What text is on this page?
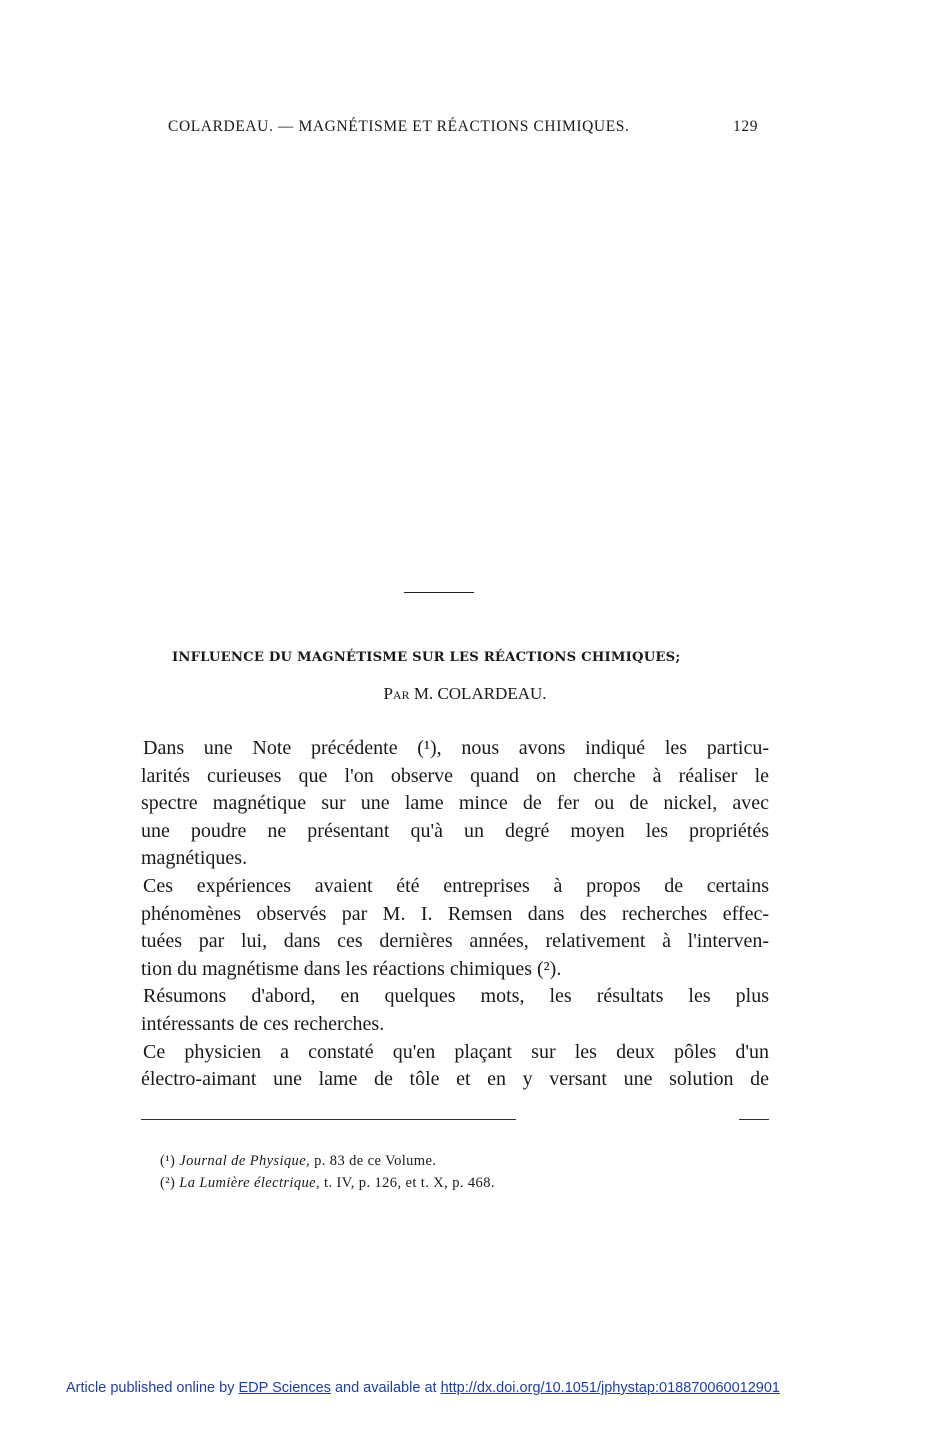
COLARDEAU. — MAGNÉTISME ET RÉACTIONS CHIMIQUES.	129
INFLUENCE DU MAGNÉTISME SUR LES RÉACTIONS CHIMIQUES;
Par M. COLARDEAU.
Dans une Note précédente (¹), nous avons indiqué les particu-
larités curieuses que l'on observe quand on cherche à réaliser le
spectre magnétique sur une lame mince de fer ou de nickel, avec
une poudre ne présentant qu'à un degré moyen les propriétés
magnétiques.
Ces expériences avaient été entreprises à propos de certains
phénomènes observés par M. I. Remsen dans des recherches effec-
tuées par lui, dans ces dernières années, relativement à l'interven-
tion du magnétisme dans les réactions chimiques (²).
Résumons d'abord, en quelques mots, les résultats les plus
intéressants de ces recherches.
Ce physicien a constaté qu'en plaçant sur les deux pôles d'un
électro-aimant une lame de tôle et en y versant une solution de
(¹) Journal de Physique, p. 83 de ce Volume.
(²) La Lumière électrique, t. IV, p. 126, et t. X, p. 468.
Article published online by EDP Sciences and available at http://dx.doi.org/10.1051/jphystap:018870060012901
